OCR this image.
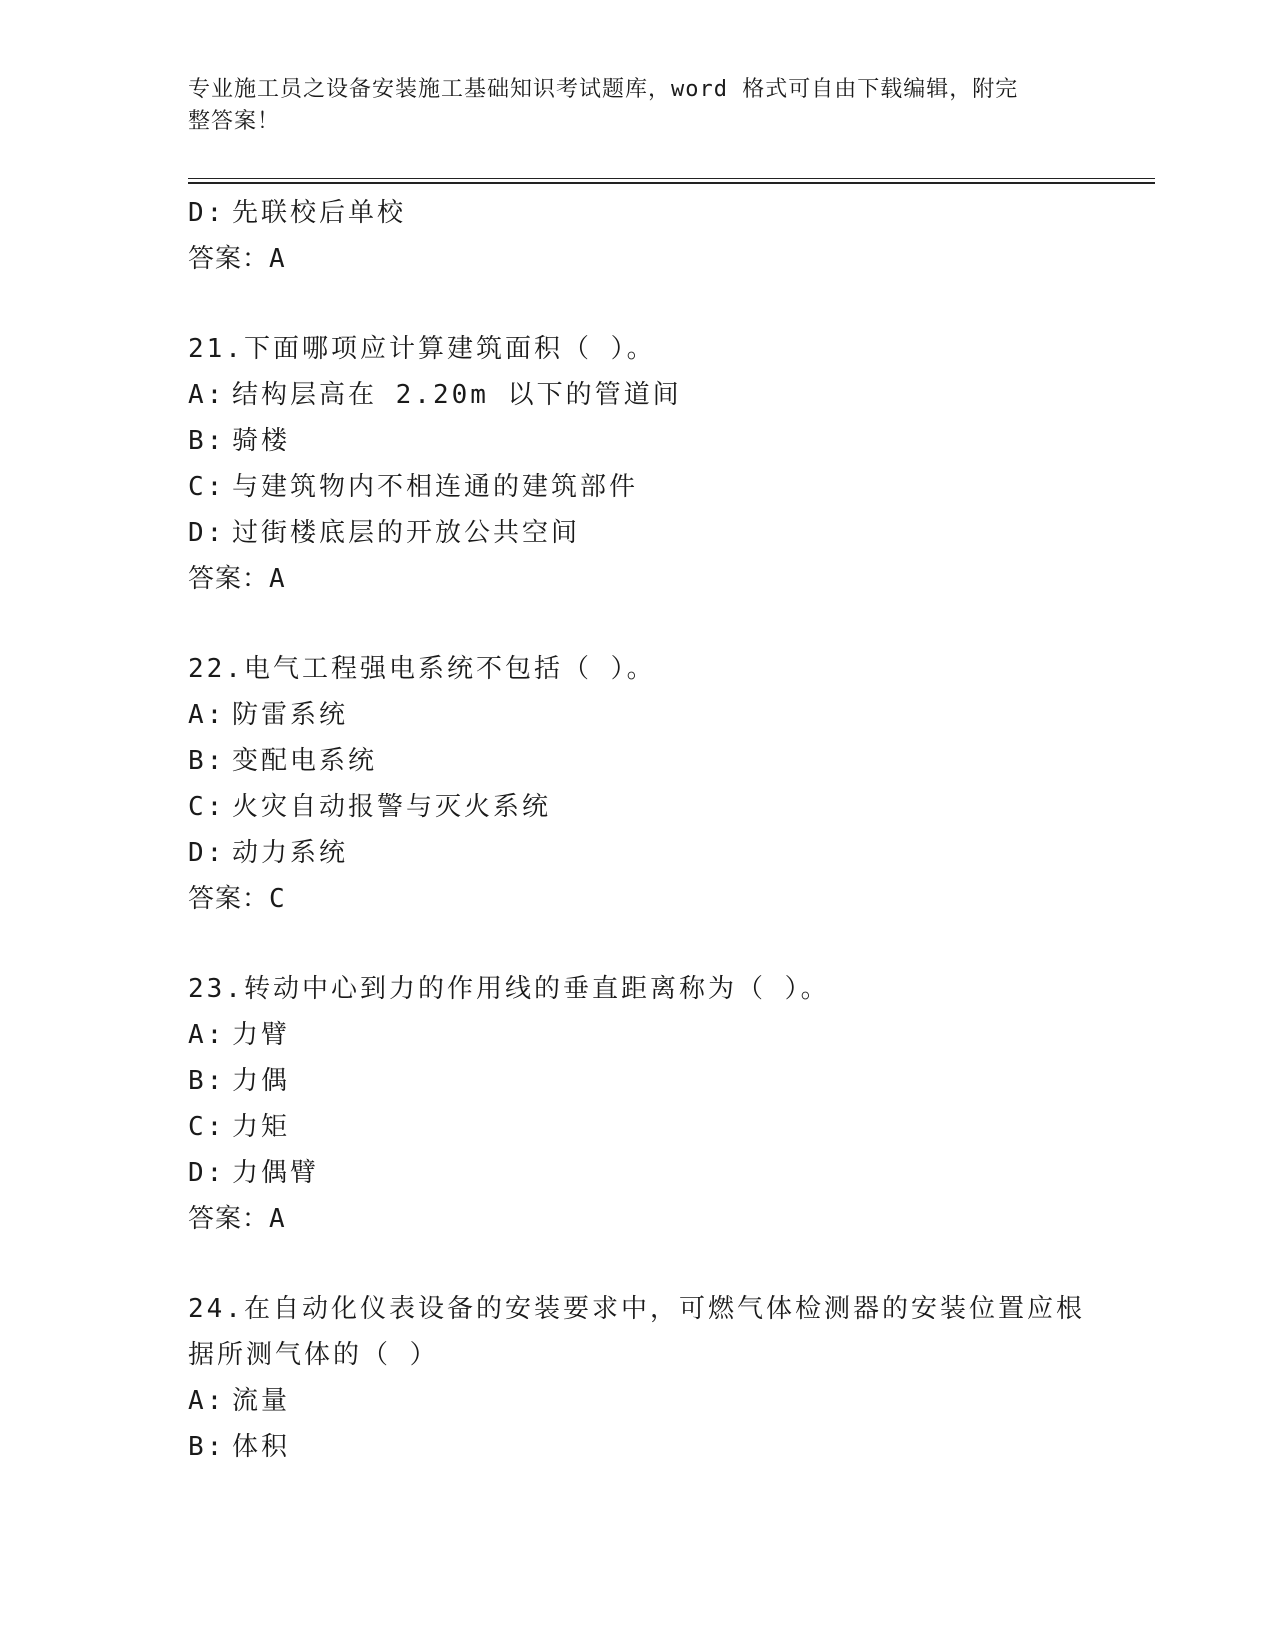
专业施工员之设备安装施工基础知识考试题库，word 格式可自由下载编辑，附完
整答案！
D: 先联校后单校
答案：A
21.下面哪项应计算建筑面积（ ）。
A: 结构层高在 2.20m 以下的管道间
B: 骑楼
C: 与建筑物内不相连通的建筑部件
D: 过街楼底层的开放公共空间
答案：A
22.电气工程强电系统不包括（ ）。
A: 防雷系统
B: 变配电系统
C: 火灾自动报警与灭火系统
D: 动力系统
答案：C
23.转动中心到力的作用线的垂直距离称为（ ）。
A: 力臂
B: 力偶
C: 力矩
D: 力偶臂
答案：A
24.在自动化仪表设备的安装要求中，可燃气体检测器的安装位置应根
据所测气体的（ ）
A: 流量
B: 体积
